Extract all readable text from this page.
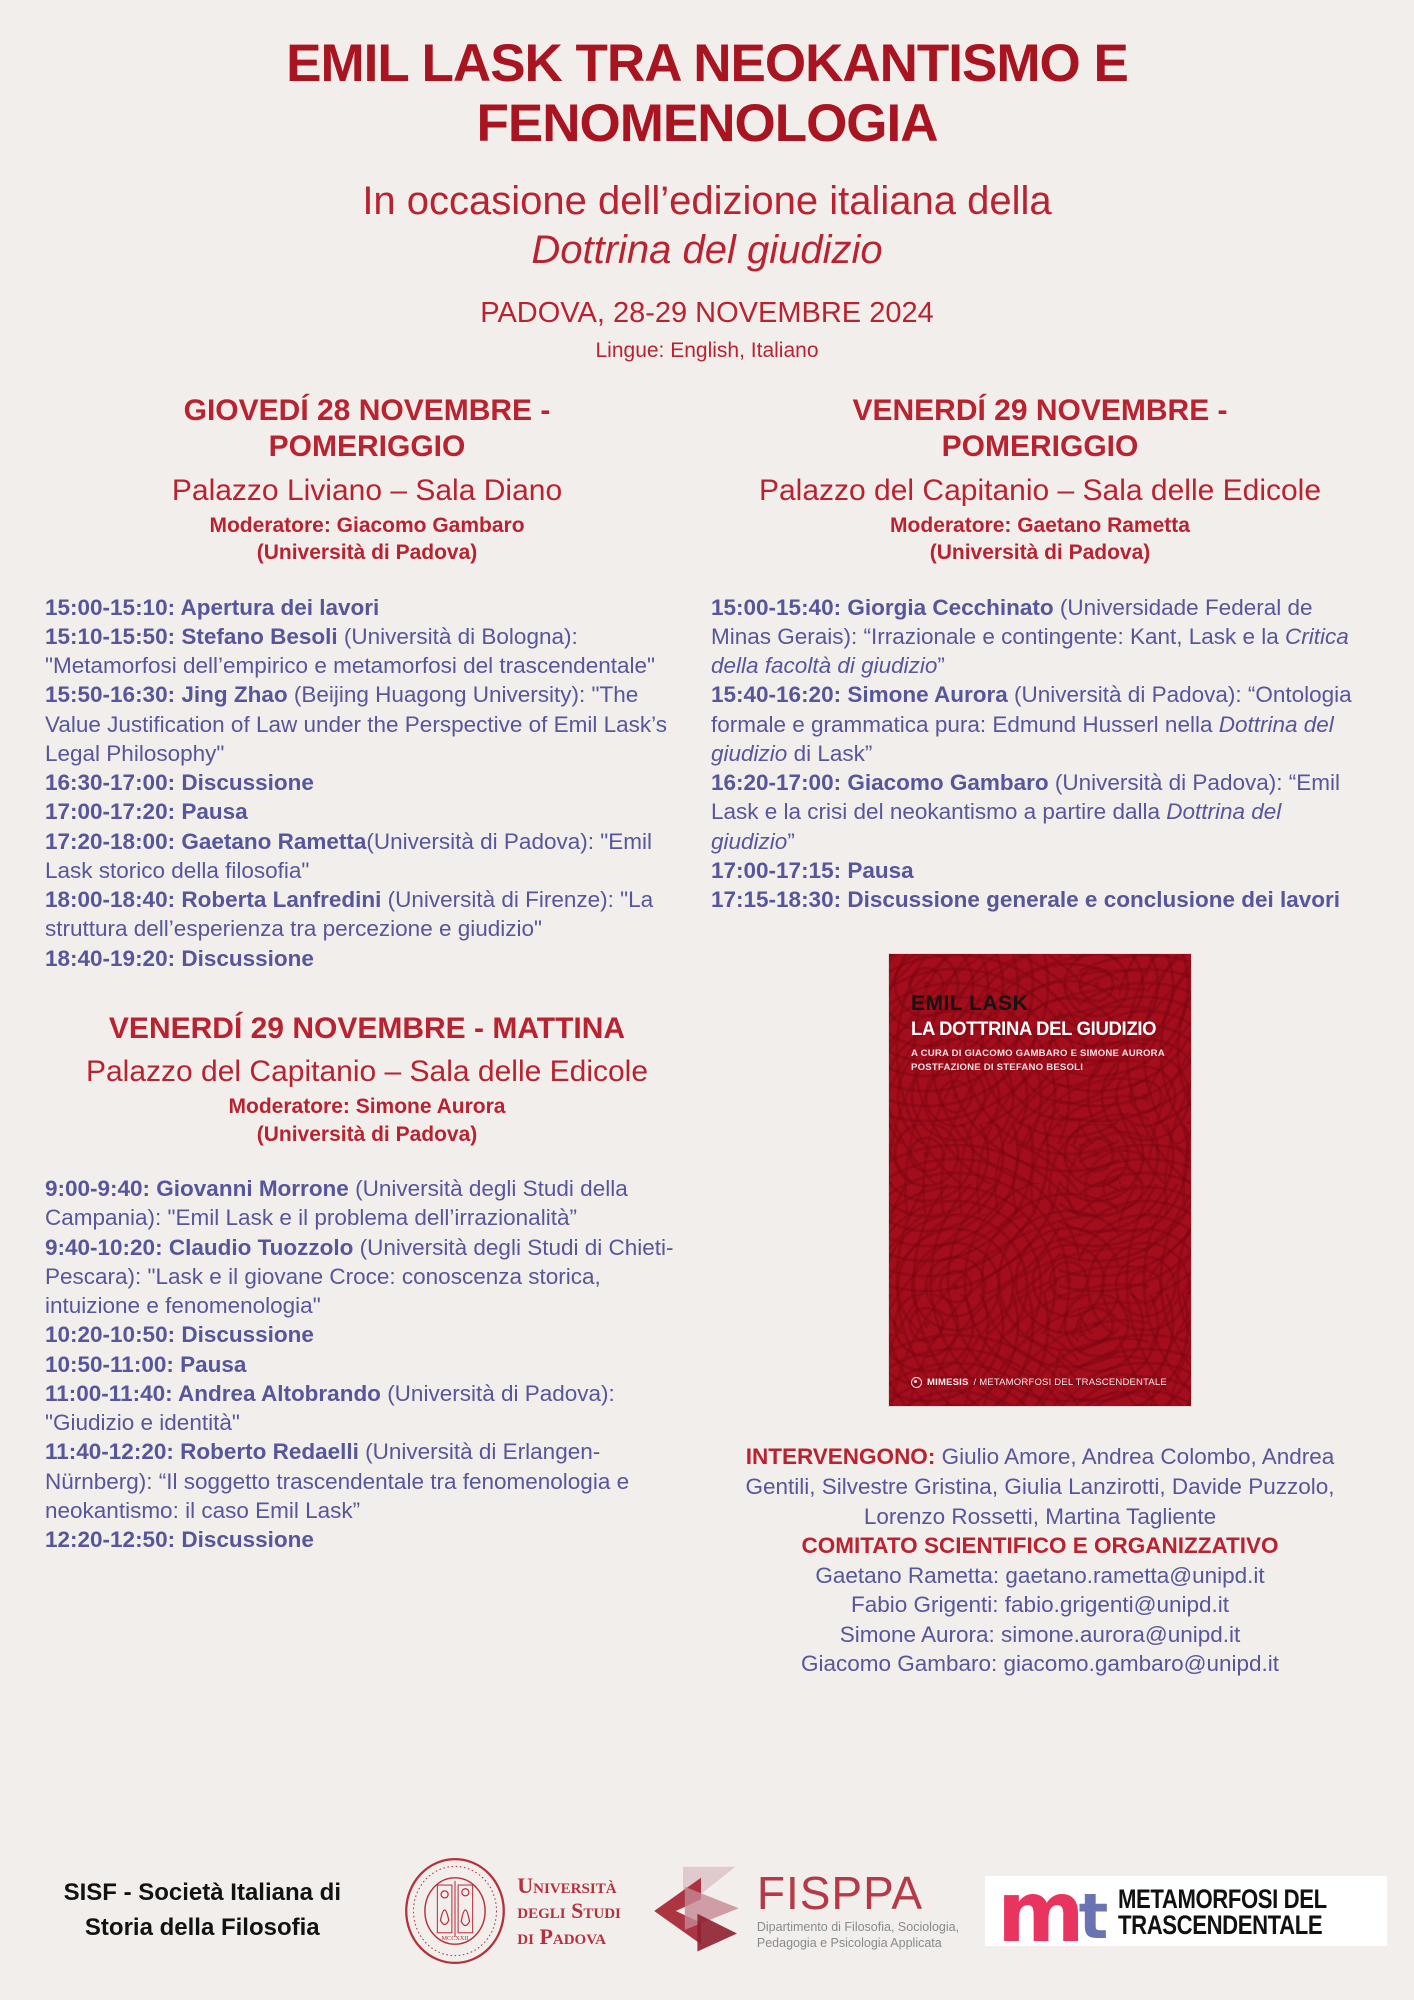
EMIL LASK TRA NEOKANTISMO E FENOMENOLOGIA
In occasione dell’edizione italiana della
Dottrina del giudizio
PADOVA, 28-29 NOVEMBRE 2024
Lingue: English, Italiano
GIOVEDÍ 28 NOVEMBRE - POMERIGGIO
Palazzo Liviano – Sala Diano
Moderatore: Giacomo Gambaro
(Università di Padova)
15:00-15:10: Apertura dei lavori
15:10-15:50: Stefano Besoli (Università di Bologna): "Metamorfosi dell’empirico e metamorfosi del trascendentale"
15:50-16:30: Jing Zhao (Beijing Huagong University): "The Value Justification of Law under the Perspective of Emil Lask’s Legal Philosophy"
16:30-17:00: Discussione
17:00-17:20: Pausa
17:20-18:00: Gaetano Rametta(Università di Padova): "Emil Lask storico della filosofia"
18:00-18:40: Roberta Lanfredini (Università di Firenze): "La struttura dell’esperienza tra percezione e giudizio"
18:40-19:20: Discussione
VENERDÍ 29 NOVEMBRE - MATTINA
Palazzo del Capitanio – Sala delle Edicole
Moderatore: Simone Aurora
(Università di Padova)
9:00-9:40: Giovanni Morrone (Università degli Studi della Campania): "Emil Lask e il problema dell’irrazionalità”
9:40-10:20: Claudio Tuozzolo (Università degli Studi di Chieti-Pescara): "Lask e il giovane Croce: conoscenza storica, intuizione e fenomenologia"
10:20-10:50: Discussione
10:50-11:00: Pausa
11:00-11:40: Andrea Altobrando (Università di Padova): "Giudizio e identità"
11:40-12:20: Roberto Redaelli (Università di Erlangen-Nürnberg): “Il soggetto trascendentale tra fenomenologia e neokantismo: il caso Emil Lask”
12:20-12:50: Discussione
VENERDÍ 29 NOVEMBRE - POMERIGGIO
Palazzo del Capitanio – Sala delle Edicole
Moderatore: Gaetano Rametta
(Università di Padova)
15:00-15:40: Giorgia Cecchinato (Universidade Federal de Minas Gerais): “Irrazionale e contingente: Kant, Lask e la Critica della facoltà di giudizio”
15:40-16:20: Simone Aurora (Università di Padova): “Ontologia formale e grammatica pura: Edmund Husserl nella Dottrina del giudizio di Lask”
16:20-17:00: Giacomo Gambaro (Università di Padova): “Emil Lask e la crisi del neokantismo a partire dalla Dottrina del giudizio”
17:00-17:15: Pausa
17:15-18:30: Discussione generale e conclusione dei lavori
EMIL LASK
LA DOTTRINA DEL GIUDIZIO
A CURA DI GIACOMO GAMBARO E SIMONE AURORA
POSTFAZIONE DI STEFANO BESOLI
MIMESIS / METAMORFOSI DEL TRASCENDENTALE
INTERVENGONO: Giulio Amore, Andrea Colombo, Andrea Gentili, Silvestre Gristina, Giulia Lanzirotti, Davide Puzzolo, Lorenzo Rossetti, Martina Tagliente
COMITATO SCIENTIFICO E ORGANIZZATIVO
Gaetano Rametta: gaetano.rametta@unipd.it
Fabio Grigenti: fabio.grigenti@unipd.it
Simone Aurora: simone.aurora@unipd.it
Giacomo Gambaro: giacomo.gambaro@unipd.it
SISF - Società Italiana di Storia della Filosofia	MCCXXII
Università
degli Studi
di Padova
FISPPA
Dipartimento di Filosofia, Sociologia,
Pedagogia e Psicologia Applicata m
t METAMORFOSI DEL
TRASCENDENTALE
